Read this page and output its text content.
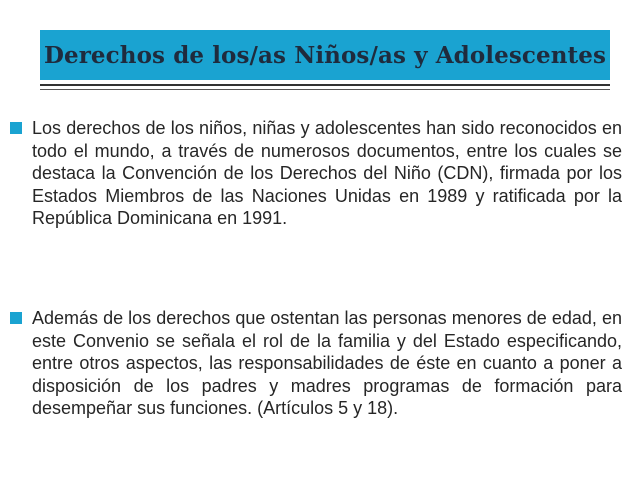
Derechos de los/as Niños/as y Adolescentes
Los derechos de los niños, niñas y adolescentes han sido reconocidos en todo el mundo, a través de numerosos documentos, entre los cuales se destaca la Convención de los Derechos del Niño (CDN), firmada por los Estados Miembros de las Naciones Unidas en 1989 y ratificada por la República Dominicana en 1991.
Además de los derechos que ostentan las personas menores de edad, en este Convenio se señala el rol de la familia y del Estado especificando, entre otros aspectos, las responsabilidades de éste en cuanto a poner a disposición de los padres y madres programas de formación para desempeñar sus funciones. (Artículos 5 y 18).
